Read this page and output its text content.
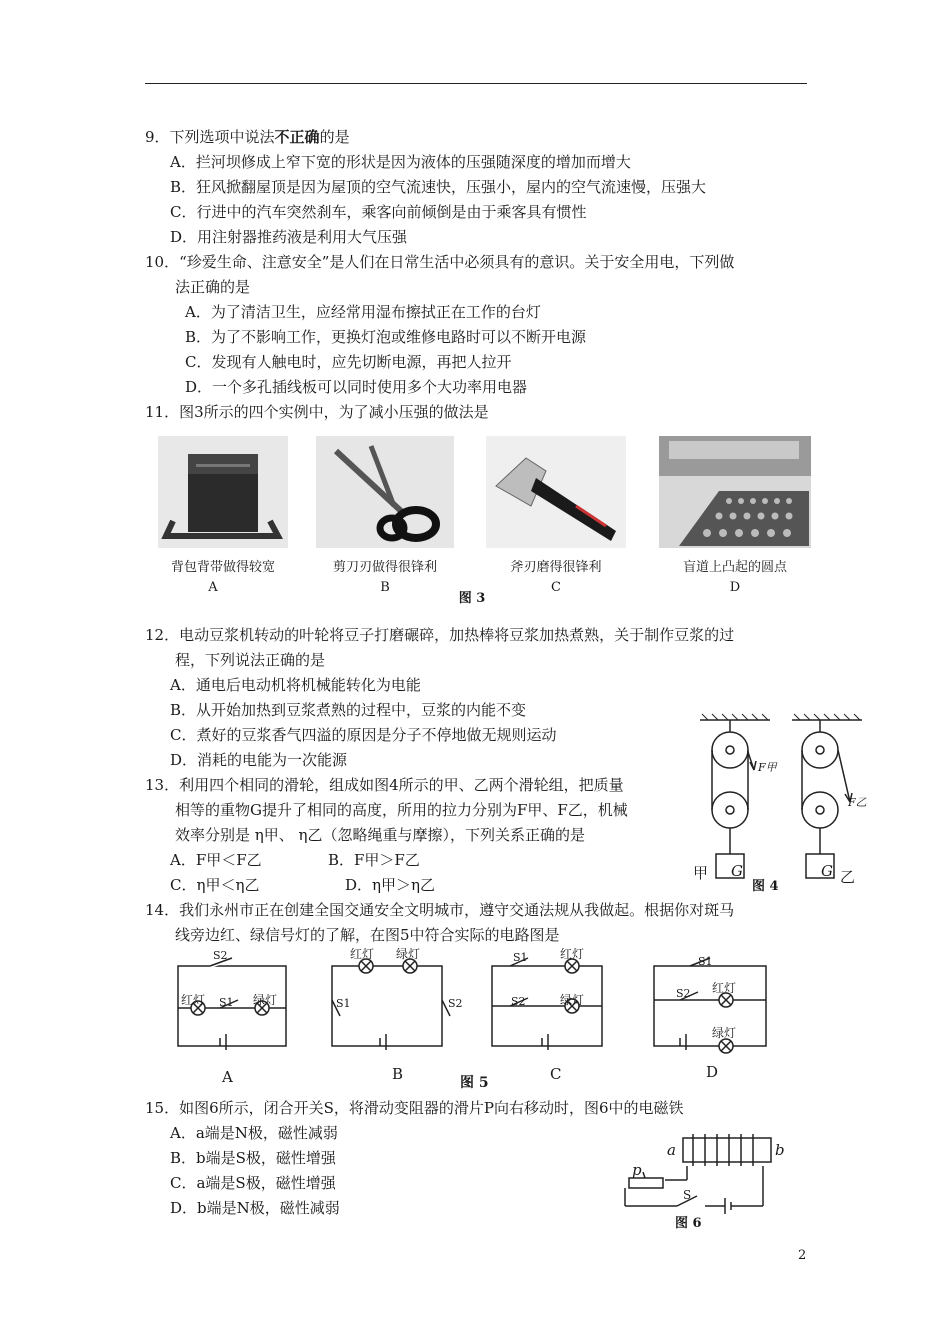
9．下列选项中说法不正确的是
A．拦河坝修成上窄下宽的形状是因为液体的压强随深度的增加而增大
B．狂风掀翻屋顶是因为屋顶的空气流速快，压强小，屋内的空气流速慢，压强大
C．行进中的汽车突然刹车，乘客向前倾倒是由于乘客具有惯性
D．用注射器推药液是利用大气压强
10．“珍爱生命、注意安全”是人们在日常生活中必须具有的意识。关于安全用电，下列做
法正确的是
A．为了清洁卫生，应经常用湿布擦拭正在工作的台灯
B．为了不影响工作，更换灯泡或维修电路时可以不断开电源
C．发现有人触电时，应先切断电源，再把人拉开
D．一个多孔插线板可以同时使用多个大功率用电器
11．图3所示的四个实例中，为了减小压强的做法是
背包背带做得较宽	剪刀刃做得很锋利	斧刃磨得很锋利	盲道上凸起的圆点
A	B	C	D
图 3
12．电动豆浆机转动的叶轮将豆子打磨碾碎，加热棒将豆浆加热煮熟，关于制作豆浆的过
程，下列说法正确的是
A．通电后电动机将机械能转化为电能
B．从开始加热到豆浆煮熟的过程中，豆浆的内能不变
C．煮好的豆浆香气四溢的原因是分子不停地做无规则运动
D．消耗的电能为一次能源
13．利用四个相同的滑轮，组成如图4所示的甲、乙两个滑轮组，把质量
相等的重物G提升了相同的高度，所用的拉力分别为F甲、F乙，机械
效率分别是 η甲、 η乙（忽略绳重与摩擦），下列关系正确的是
A．F甲＜F乙	B．F甲＞F乙
C．η甲＜η乙	D．η甲＞η乙
G	G
F甲
F乙
甲	乙
图 4
14．我们永州市正在创建全国交通安全文明城市，遵守交通法规从我做起。根据你对斑马
线旁边红、绿信号灯的了解，在图5中符合实际的电路图是
S2
红灯 S1 绿灯
红灯 绿灯
S1	S2
S1	红灯
S2	绿灯
S1
S2 红灯
绿灯
A	B	C	D
图 5
15．如图6所示，闭合开关S，将滑动变阻器的滑片P向右移动时，图6中的电磁铁
A．a端是N极，磁性减弱
B．b端是S极，磁性增强
C．a端是S极，磁性增强
D．b端是N极，磁性减弱
a	b
p
S
图 6
2
